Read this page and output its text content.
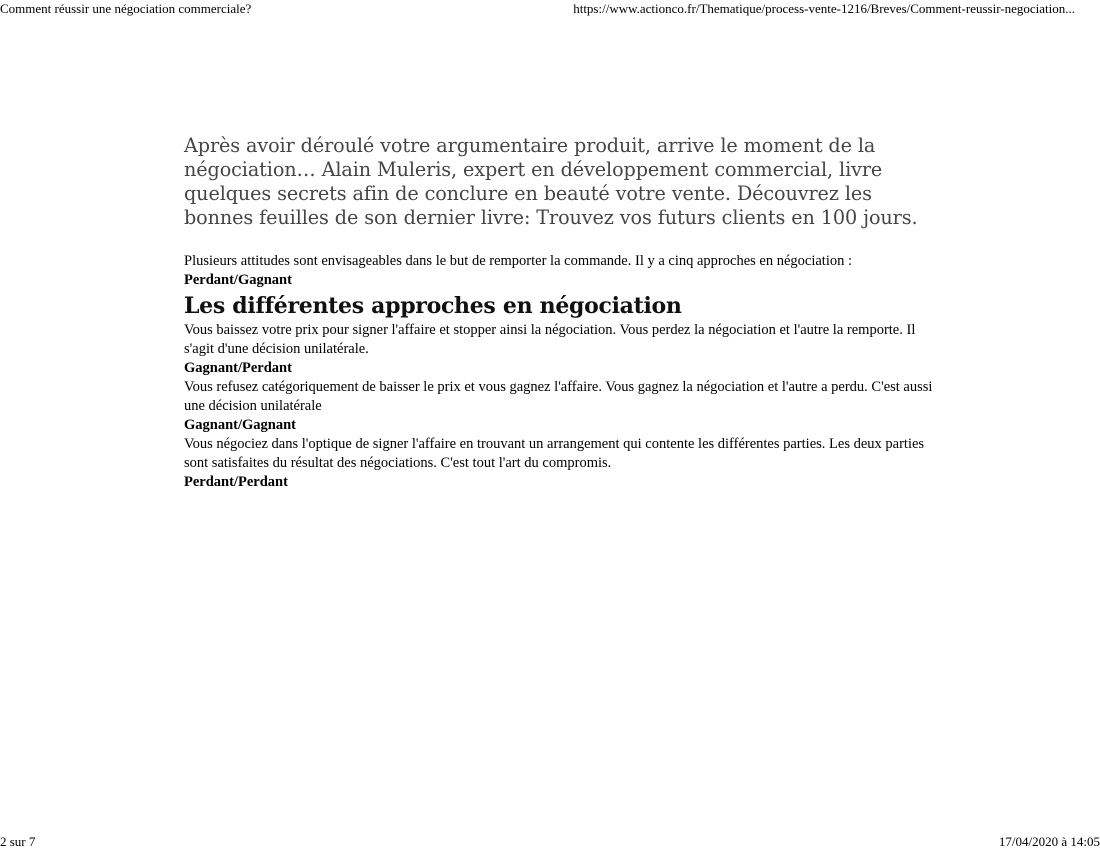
Comment réussir une négociation commerciale?	https://www.actionco.fr/Thematique/process-vente-1216/Breves/Comment-reussir-negociation...

Après avoir déroulé votre argumentaire produit, arrive le moment de la négociation… Alain Muleris, expert en développement commercial, livre quelques secrets afin de conclure en beauté votre vente. Découvrez les bonnes feuilles de son dernier livre: Trouvez vos futurs clients en 100 jours.

Plusieurs attitudes sont envisageables dans le but de remporter la commande. Il y a cinq approches en négociation :

Perdant/Gagnant

Les différentes approches en négociation

Vous baissez votre prix pour signer l'affaire et stopper ainsi la négociation. Vous perdez la négociation et l'autre la remporte. Il s'agit d'une décision unilatérale.

Gagnant/Perdant

Vous refusez catégoriquement de baisser le prix et vous gagnez l'affaire. Vous gagnez la négociation et l'autre a perdu. C'est aussi une décision unilatérale

Gagnant/Gagnant

Vous négociez dans l'optique de signer l'affaire en trouvant un arrangement qui contente les différentes parties. Les deux parties sont satisfaites du résultat des négociations. C'est tout l'art du compromis.

Perdant/Perdant

2 sur 7	17/04/2020 à 14:05
